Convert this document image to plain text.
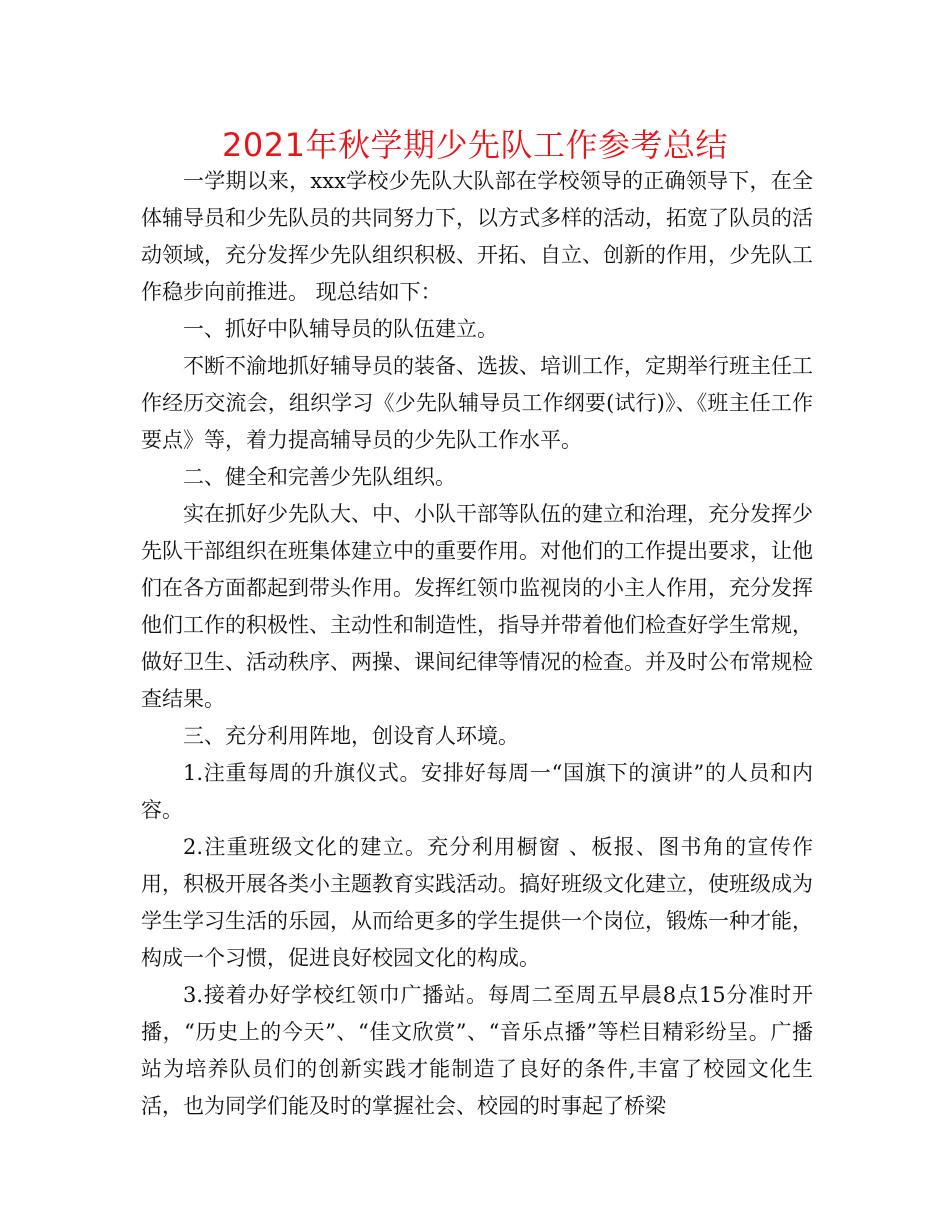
2021年秋学期少先队工作参考总结

一学期以来，xxx学校少先队大队部在学校领导的正确领导下，在全体辅导员和少先队员的共同努力下，以方式多样的活动，拓宽了队员的活动领域，充分发挥少先队组织积极、开拓、自立、创新的作用，少先队工作稳步向前推进。 现总结如下：

一、抓好中队辅导员的队伍建立。

不断不渝地抓好辅导员的装备、选拔、培训工作，定期举行班主任工作经历交流会，组织学习《少先队辅导员工作纲要(试行)》、《班主任工作要点》等，着力提高辅导员的少先队工作水平。

二、健全和完善少先队组织。

实在抓好少先队大、中、小队干部等队伍的建立和治理，充分发挥少先队干部组织在班集体建立中的重要作用。对他们的工作提出要求，让他们在各方面都起到带头作用。发挥红领巾监视岗的小主人作用，充分发挥他们工作的积极性、主动性和制造性，指导并带着他们检查好学生常规，做好卫生、活动秩序、两操、课间纪律等情况的检查。并及时公布常规检查结果。

三、充分利用阵地，创设育人环境。

1.注重每周的升旗仪式。安排好每周一“国旗下的演讲”的人员和内容。

2.注重班级文化的建立。充分利用橱窗 、板报、图书角的宣传作用，积极开展各类小主题教育实践活动。搞好班级文化建立，使班级成为学生学习生活的乐园，从而给更多的学生提供一个岗位，锻炼一种才能，构成一个习惯，促进良好校园文化的构成。

3.接着办好学校红领巾广播站。每周二至周五早晨8点15分准时开播，“历史上的今天”、“佳文欣赏”、“音乐点播”等栏目精彩纷呈。广播站为培养队员们的创新实践才能制造了良好的条件,丰富了校园文化生活，也为同学们能及时的掌握社会、校园的时事起了桥梁
